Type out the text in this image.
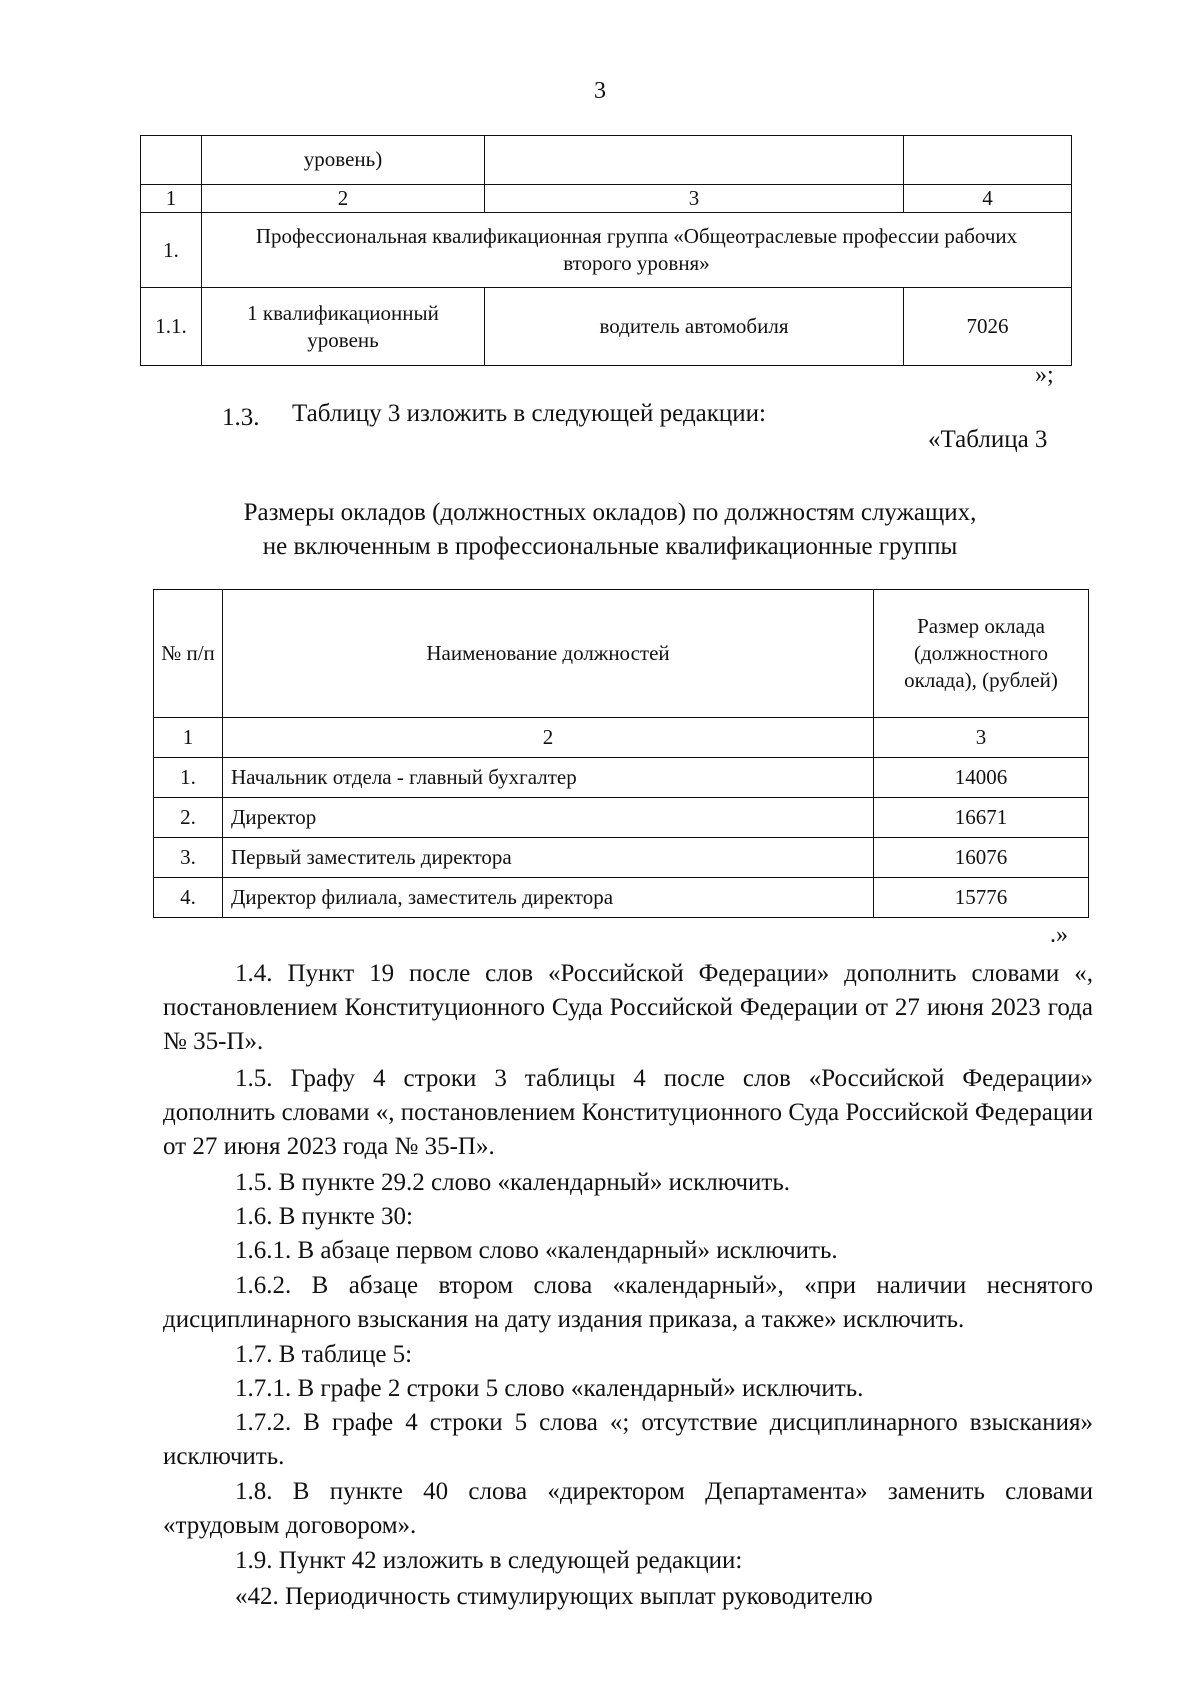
3
	уровень)		
1	2	3	4
1.	Профессиональная квалификационная группа «Общеотраслевые профессии рабочих второго уровня»		
1.1.	1 квалификационный уровень	водитель автомобиля	7026
»;
1.3. Таблицу 3 изложить в следующей редакции:
«Таблица 3
Размеры окладов (должностных окладов) по должностям служащих,
не включенным в профессиональные квалификационные группы
№ п/п	Наименование должностей	Размер оклада (должностного оклада), (рублей)
1	2	3
1.	Начальник отдела - главный бухгалтер	14006
2.	Директор	16671
3.	Первый заместитель директора	16076
4.	Директор филиала, заместитель директора	15776
.»
1.4. Пункт 19 после слов «Российской Федерации» дополнить словами «, постановлением Конституционного Суда Российской Федерации от 27 июня 2023 года № 35-П».
1.5. Графу 4 строки 3 таблицы 4 после слов «Российской Федерации» дополнить словами «, постановлением Конституционного Суда Российской Федерации от 27 июня 2023 года № 35-П».
1.5. В пункте 29.2 слово «календарный» исключить.
1.6. В пункте 30:
1.6.1. В абзаце первом слово «календарный» исключить.
1.6.2. В абзаце втором слова «календарный», «при наличии неснятого дисциплинарного взыскания на дату издания приказа, а также» исключить.
1.7. В таблице 5:
1.7.1. В графе 2 строки 5 слово «календарный» исключить.
1.7.2. В графе 4 строки 5 слова «; отсутствие дисциплинарного взыскания» исключить.
1.8. В пункте 40 слова «директором Департамента» заменить словами «трудовым договором».
1.9. Пункт 42 изложить в следующей редакции:
«42. Периодичность стимулирующих выплат руководителю
